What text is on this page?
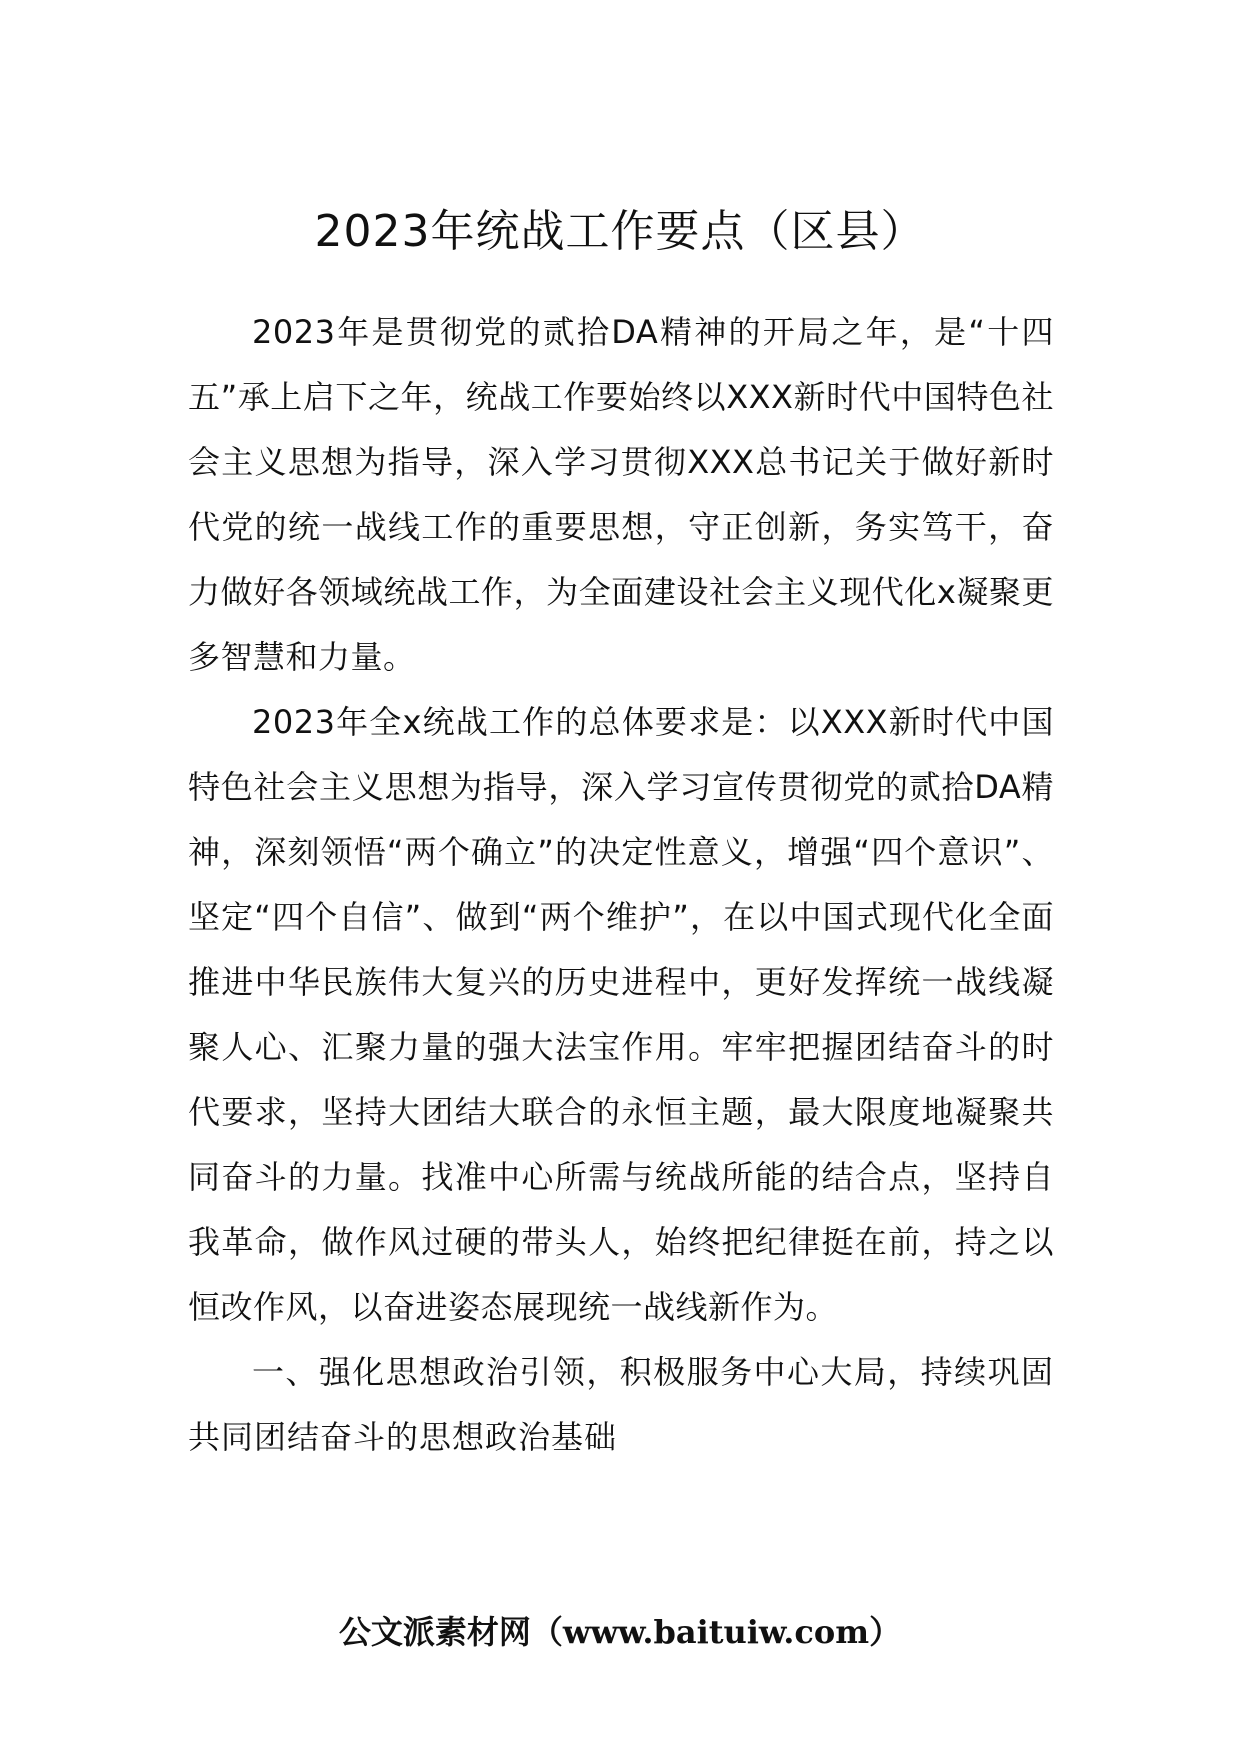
2023年统战工作要点（区县）

2023年是贯彻党的贰拾DA精神的开局之年，是“十四五”承上启下之年，统战工作要始终以XXX新时代中国特色社会主义思想为指导，深入学习贯彻XXX总书记关于做好新时代党的统一战线工作的重要思想，守正创新，务实笃干，奋力做好各领域统战工作，为全面建设社会主义现代化x凝聚更多智慧和力量。

2023年全x统战工作的总体要求是：以XXX新时代中国特色社会主义思想为指导，深入学习宣传贯彻党的贰拾DA精神，深刻领悟“两个确立”的决定性意义，增强“四个意识”、坚定“四个自信”、做到“两个维护”，在以中国式现代化全面推进中华民族伟大复兴的历史进程中，更好发挥统一战线凝聚人心、汇聚力量的强大法宝作用。牢牢把握团结奋斗的时代要求，坚持大团结大联合的永恒主题，最大限度地凝聚共同奋斗的力量。找准中心所需与统战所能的结合点，坚持自我革命，做作风过硬的带头人，始终把纪律挺在前，持之以恒改作风，以奋进姿态展现统一战线新作为。

一、强化思想政治引领，积极服务中心大局，持续巩固共同团结奋斗的思想政治基础

公文派素材网（www.baituiw.com）
